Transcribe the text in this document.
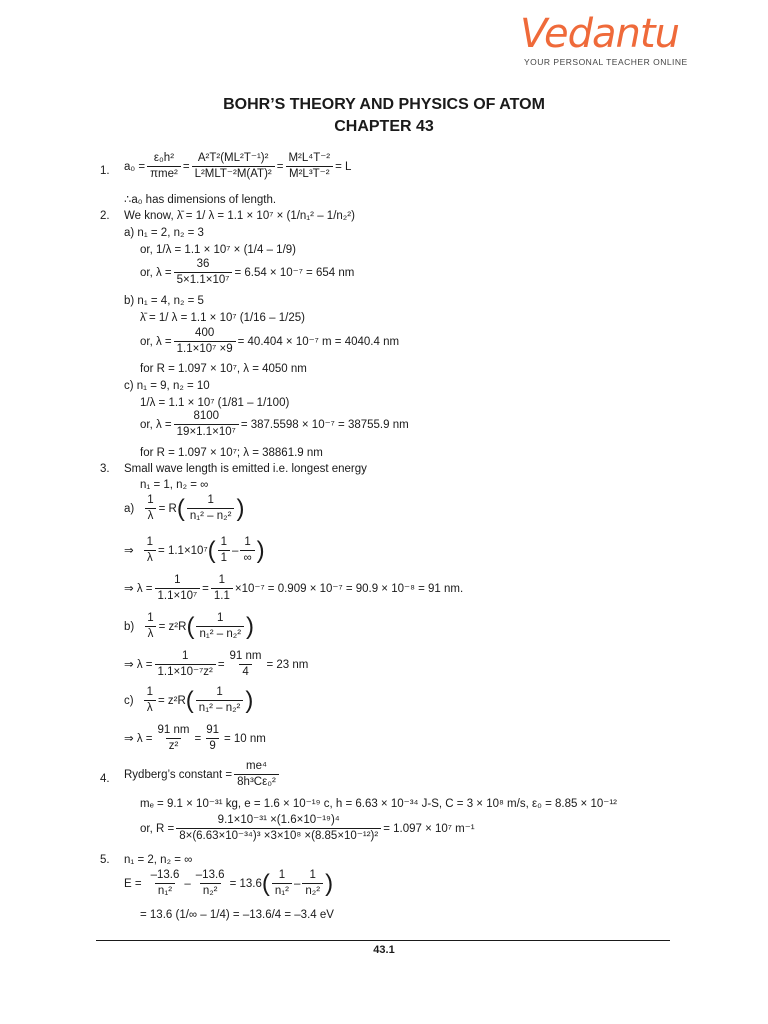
Vedantu
YOUR PERSONAL TEACHER ONLINE
BOHR’S THEORY AND PHYSICS OF ATOM
CHAPTER 43
1. a₀ =
ε₀h²
πme²
=
A²T²(ML²T⁻¹)²
L²MLT⁻²M(AT)²
= $\frac{\text{M²L⁴T⁻²}}{\text{M²L³T⁻²}} = L$
∴a₀ has dimensions of length.
2. We know, λ̄ = 1/ λ = 1.1 × 10⁷ × (1/n₁² – 1/n₂²)
a) n₁ = 2, n₂ = 3
or, 1/λ = 1.1 × 10⁷ × (1/4 – 1/9)
or, $\lambda = \frac{36}{\text{5×1.1×10⁷}} = 6.54 \times 10^{-7} = 654$ nm
b) n₁ = 4, n₂ = 5
λ̄ = 1/ λ = 1.1 × 10⁷ (1/16 – 1/25)
or, $\lambda = \frac{400}{\text{1.1×10⁷ ×9}} = 40.404 \times 10^{-7}$ m = 4040.4 nm
for R = 1.097 × 10⁷, λ = 4050 nm
c) n₁ = 9, n₂ = 10
1/λ = 1.1 × 10⁷ (1/81 – 1/100)
or, $\lambda = \frac{8100}{\text{19×1.1×10⁷}} = 387.5598 \times 10^{-7} = 38755.9$ nm
for R = 1.097 × 10⁷; λ = 38861.9 nm
3. Small wave length is emitted i.e. longest energy
n₁ = 1, n₂ = ∞
$a) \frac{1}{\lambda} = R$ ( $\frac{1}{\text{n₁² – n₂²}}$ )
⇒ $\frac{1}{\lambda} = 1.1\times 10^7$ ( $\frac{1}{1}$ –
1
∞ )
⇒ $\lambda = \frac{1}{\text{1.1×10⁷}} = \frac{1}{1.1} \times 10^{-7} = 0.909 \times 10^{-7} = 90.9 \times 10^{-8} = 91$ nm.
$b) \frac{1}{\lambda} = z^2R$ ( $\frac{1}{\text{n₁² – n₂²}}$ )
⇒ $\lambda = \frac{1}{\text{1.1×10⁻⁷z²}} = \frac{91 nm}{4} = 23$ nm
$c) \frac{1}{\lambda} = z^2R$ ( $\frac{1}{\text{n₁² – n₂²}}$ )
⇒ $\lambda = \frac{91 nm}{\text{z²}} = \frac{91}{9} = 10$ nm
4. Rydberg’s constant = $\frac{\text{me⁴}}{\text{8h³Cε₀²}}$
mₑ = 9.1 × 10⁻³¹ kg, e = 1.6 × 10⁻¹⁹ c, h = 6.63 × 10⁻³⁴ J-S, C = 3 × 10⁸ m/s, ε₀ = 8.85 × 10⁻¹²
or, $R = \frac{\text{9.1×10⁻³¹ ×(1.6×10⁻¹⁹)⁴}}{\text{8×(6.63×10⁻³⁴)³ ×3×10⁸ ×(8.85×10⁻¹²)²}} = 1.097 \times 10^7$ m⁻¹
5. n₁ = 2, n₂ = ∞
$E = \frac{-13.6}{\text{n₁²}} - \frac{-13.6}{\text{n₂²}} = 13.6$ ( $\frac{1}{\text{n₁²}} - \frac{1}{\text{n₂²}}$ )
= 13.6 (1/∞ – 1/4) = –13.6/4 = –3.4 eV
43.1
